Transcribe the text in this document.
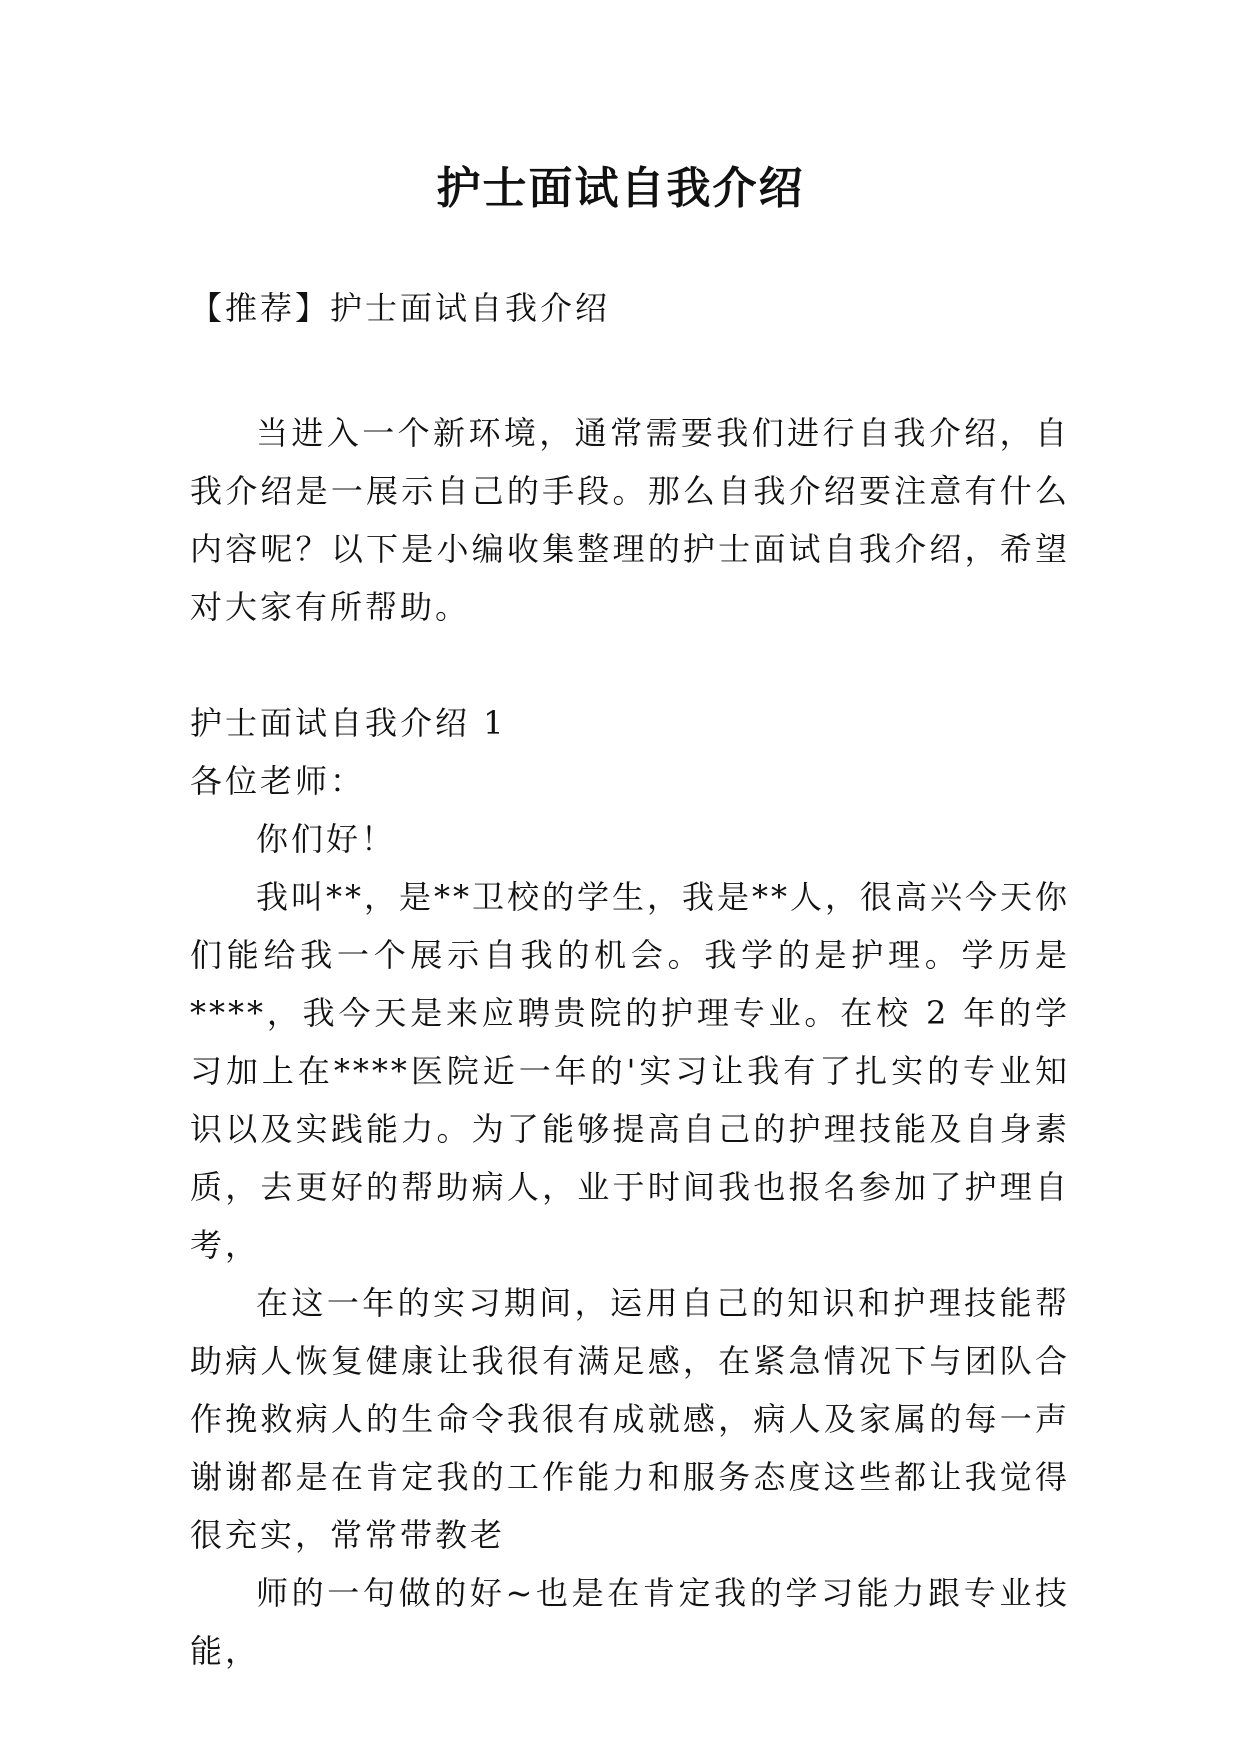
护士面试自我介绍
【推荐】护士面试自我介绍

当进入一个新环境，通常需要我们进行自我介绍，自我介绍是一展示自己的手段。那么自我介绍要注意有什么内容呢？以下是小编收集整理的护士面试自我介绍，希望对大家有所帮助。

护士面试自我介绍 1

各位老师：

你们好！

我叫**，是**卫校的学生，我是**人，很高兴今天你们能给我一个展示自我的机会。我学的是护理。学历是****，我今天是来应聘贵院的护理专业。在校 2 年的学习加上在****医院近一年的'实习让我有了扎实的专业知识以及实践能力。为了能够提高自己的护理技能及自身素质，去更好的帮助病人，业于时间我也报名参加了护理自考，

在这一年的实习期间，运用自己的知识和护理技能帮助病人恢复健康让我很有满足感，在紧急情况下与团队合作挽救病人的生命令我很有成就感，病人及家属的每一声谢谢都是在肯定我的工作能力和服务态度这些都让我觉得很充实，常常带教老

师的一句做的好~也是在肯定我的学习能力跟专业技能，
